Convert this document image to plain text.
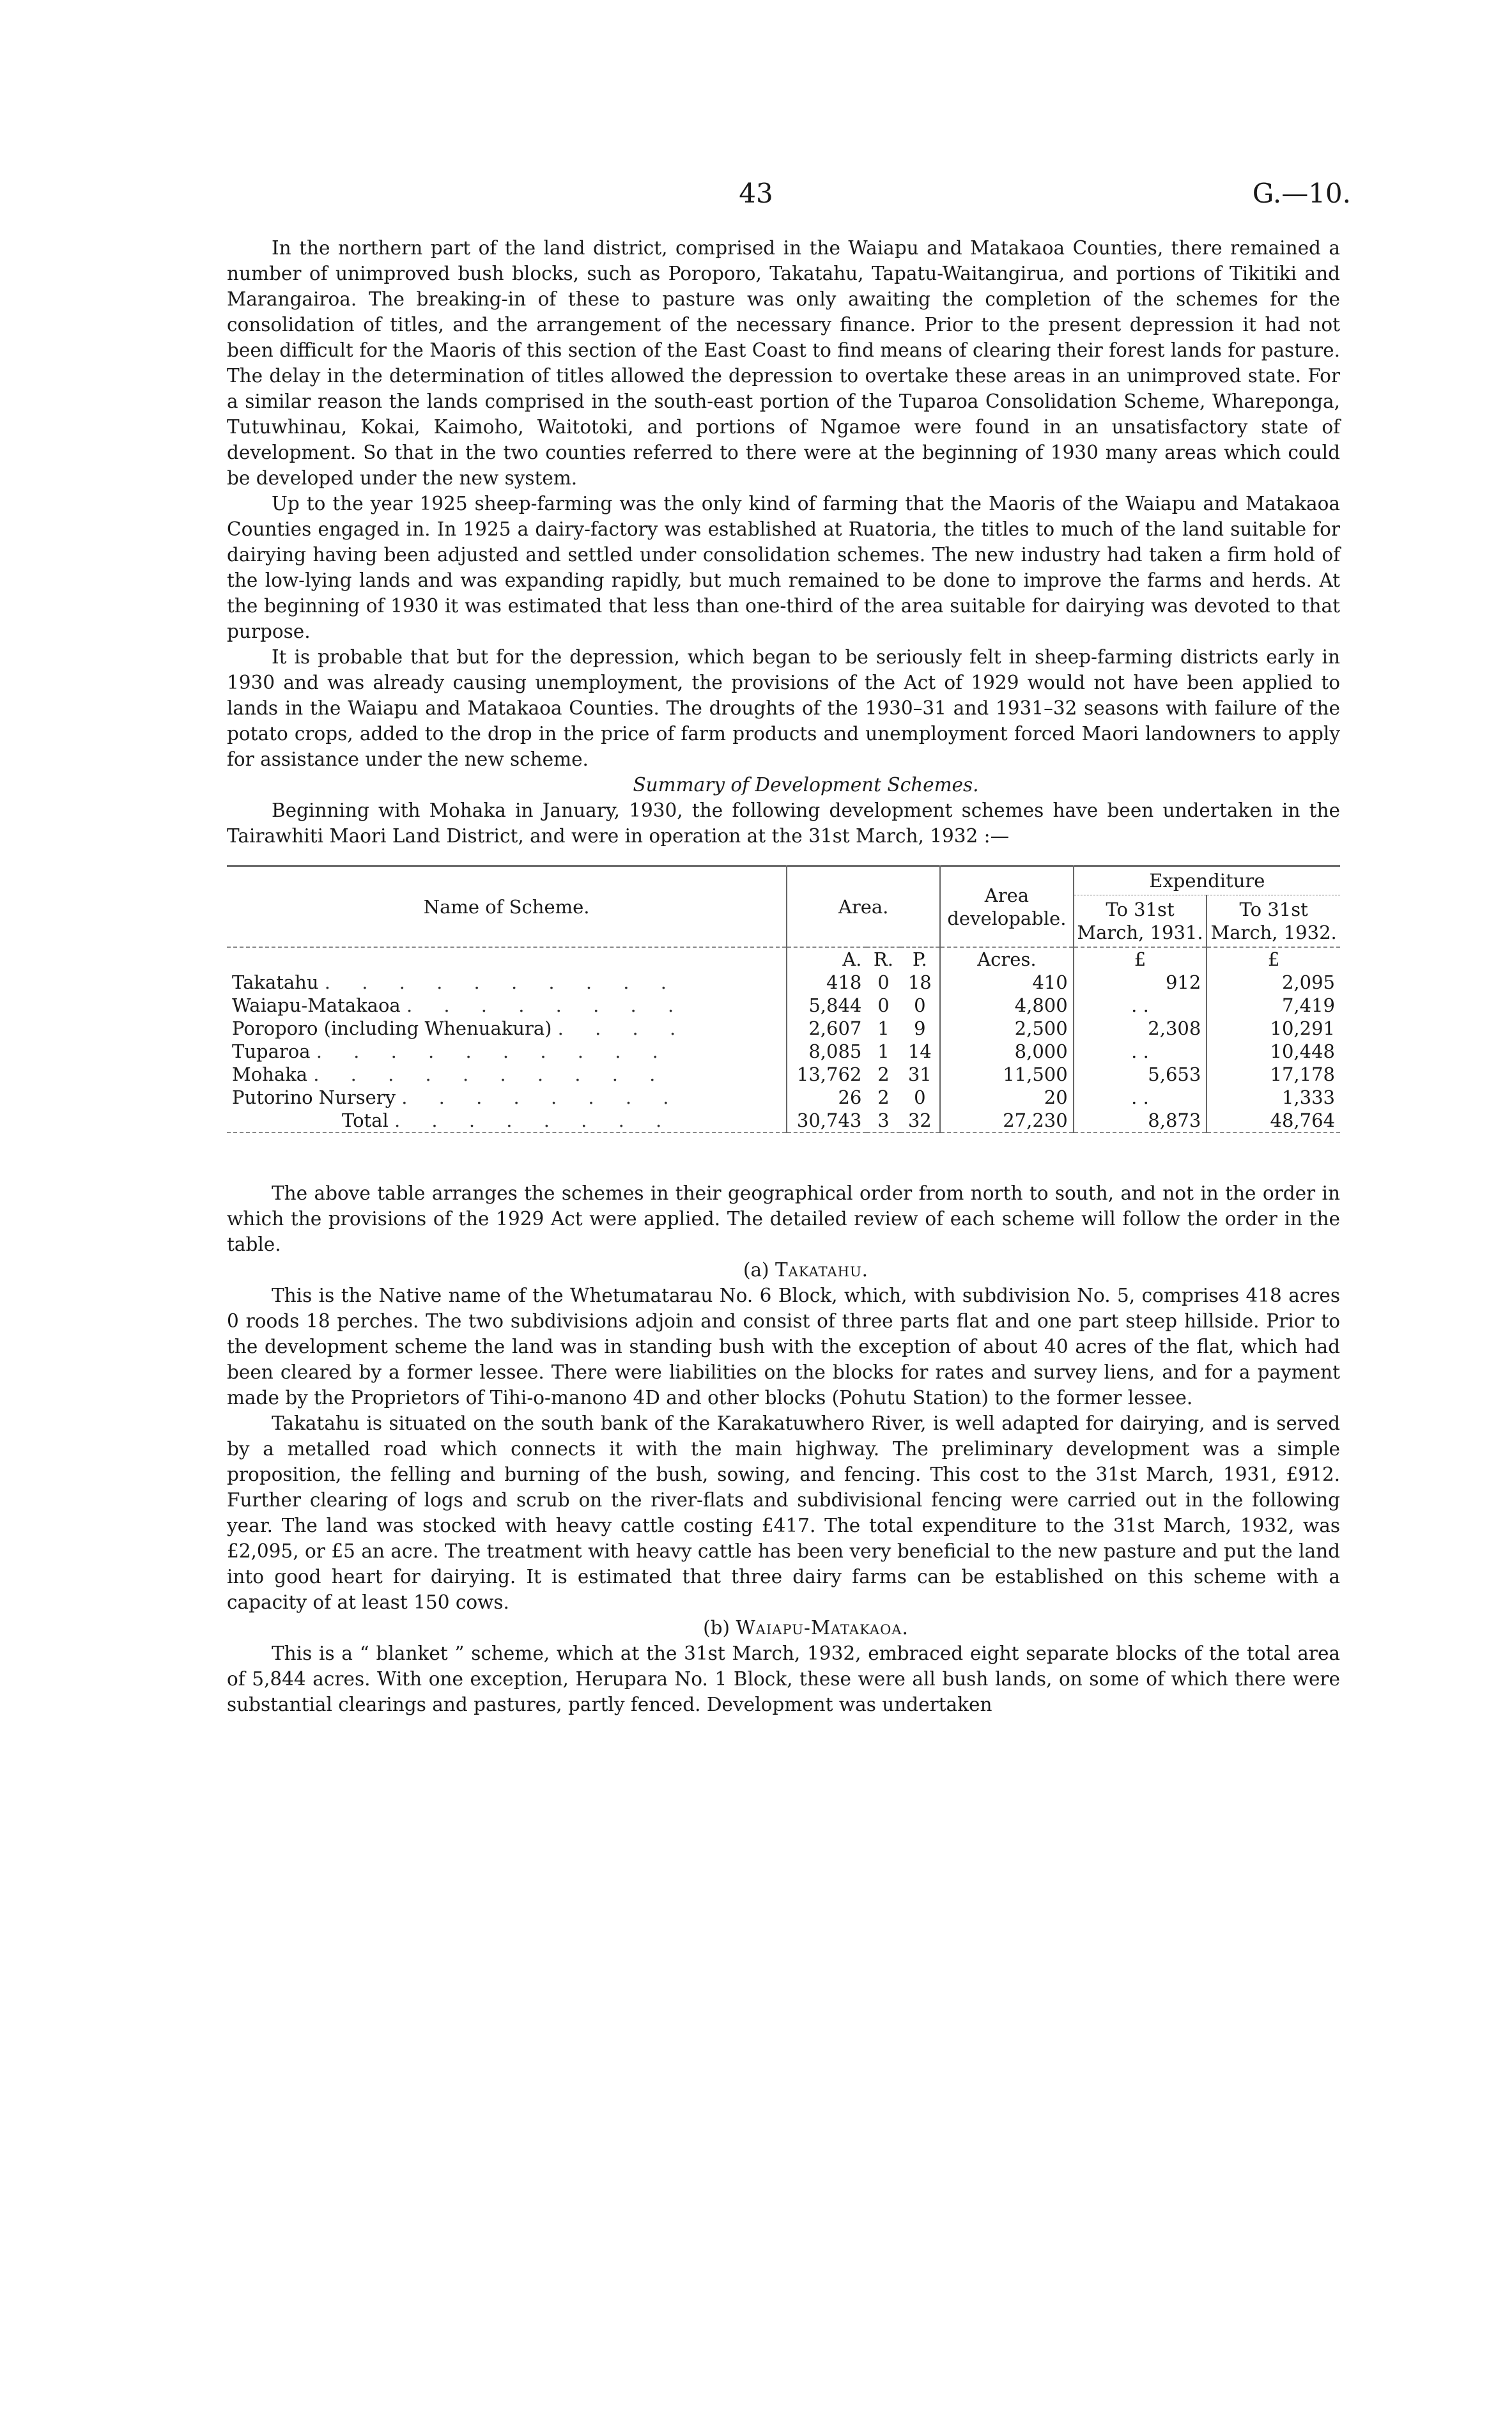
43	G.—10.

In the northern part of the land district, comprised in the Waiapu and Matakaoa Counties, there remained a number of unimproved bush blocks, such as Poroporo, Takatahu, Tapatu-Waitangirua, and portions of Tikitiki and Marangairoa. The breaking-in of these to pasture was only awaiting the completion of the schemes for the consolidation of titles, and the arrangement of the necessary finance. Prior to the present depression it had not been difficult for the Maoris of this section of the East Coast to find means of clearing their forest lands for pasture. The delay in the determination of titles allowed the depression to overtake these areas in an unimproved state. For a similar reason the lands comprised in the south-east portion of the Tuparoa Consolidation Scheme, Whareponga, Tutuwhinau, Kokai, Kaimoho, Waitotoki, and portions of Ngamoe were found in an unsatisfactory state of development. So that in the two counties referred to there were at the beginning of 1930 many areas which could be developed under the new system.

Up to the year 1925 sheep-farming was the only kind of farming that the Maoris of the Waiapu and Matakaoa Counties engaged in. In 1925 a dairy-factory was established at Ruatoria, the titles to much of the land suitable for dairying having been adjusted and settled under consolidation schemes. The new industry had taken a firm hold of the low-lying lands and was expanding rapidly, but much remained to be done to improve the farms and herds. At the beginning of 1930 it was estimated that less than one-third of the area suitable for dairying was devoted to that purpose.

It is probable that but for the depression, which began to be seriously felt in sheep-farming districts early in 1930 and was already causing unemployment, the provisions of the Act of 1929 would not have been applied to lands in the Waiapu and Matakaoa Counties. The droughts of the 1930–31 and 1931–32 seasons with failure of the potato crops, added to the drop in the price of farm products and unemployment forced Maori landowners to apply for assistance under the new scheme.

Summary of Development Schemes.

Beginning with Mohaka in January, 1930, the following development schemes have been undertaken in the Tairawhiti Maori Land District, and were in operation at the 31st March, 1932 :—

Name of Scheme.	Area.			Area developable.	Expenditure	
					To 31st March, 1931.	To 31st March, 1932.
	A.	R.	P.	Acres.	£	£
Takatahu . . . . . . . . . .	418	0	18	410	912	2,095
Waiapu-Matakaoa . . . . . . . .	5,844	0	0	4,800	. .	7,419
Poroporo (including Whenuakura) . . . .	2,607	1	9	2,500	2,308	10,291
Tuparoa . . . . . . . . . .	8,085	1	14	8,000	. .	10,448
Mohaka . . . . . . . . . .	13,762	2	31	11,500	5,653	17,178
Putorino Nursery . . . . . . . .	26	2	0	20	. .	1,333
Total . . . . . . . .	30,743	3	32	27,230	8,873	48,764

The above table arranges the schemes in their geographical order from north to south, and not in the order in which the provisions of the 1929 Act were applied. The detailed review of each scheme will follow the order in the table.

(a) Takatahu.

This is the Native name of the Whetumatarau No. 6 Block, which, with subdivision No. 5, comprises 418 acres 0 roods 18 perches. The two subdivisions adjoin and consist of three parts flat and one part steep hillside. Prior to the development scheme the land was in standing bush with the exception of about 40 acres of the flat, which had been cleared by a former lessee. There were liabilities on the blocks for rates and survey liens, and for a payment made by the Proprietors of Tihi-o-manono 4D and other blocks (Pohutu Station) to the former lessee.

Takatahu is situated on the south bank of the Karakatuwhero River, is well adapted for dairying, and is served by a metalled road which connects it with the main highway. The preliminary development was a simple proposition, the felling and burning of the bush, sowing, and fencing. This cost to the 31st March, 1931, £912. Further clearing of logs and scrub on the river-flats and subdivisional fencing were carried out in the following year. The land was stocked with heavy cattle costing £417. The total expenditure to the 31st March, 1932, was £2,095, or £5 an acre. The treatment with heavy cattle has been very beneficial to the new pasture and put the land into good heart for dairying. It is estimated that three dairy farms can be established on this scheme with a capacity of at least 150 cows.

(b) Waiapu-Matakaoa.

This is a “ blanket ” scheme, which at the 31st March, 1932, embraced eight separate blocks of the total area of 5,844 acres. With one exception, Herupara No. 1 Block, these were all bush lands, on some of which there were substantial clearings and pastures, partly fenced. Development was undertaken
